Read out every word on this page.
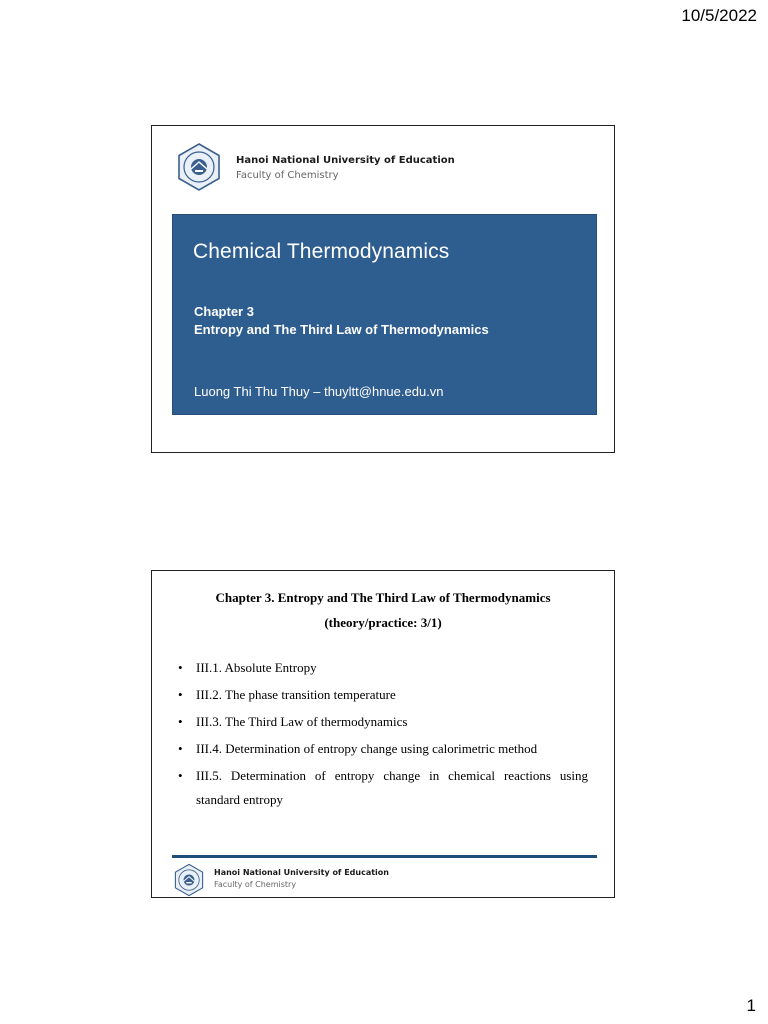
10/5/2022
Hanoi National University of Education
Faculty of Chemistry
Chemical Thermodynamics
Chapter 3
Entropy and The Third Law of Thermodynamics
Luong Thi Thu Thuy – thuyltt@hnue.edu.vn
Chapter 3. Entropy and The Third Law of Thermodynamics
(theory/practice: 3/1)
• III.1. Absolute Entropy
• III.2. The phase transition temperature
• III.3. The Third Law of thermodynamics
• III.4. Determination of entropy change using calorimetric method
• III.5. Determination of entropy change in chemical reactions using standard entropy
Hanoi National University of Education
Faculty of Chemistry
1
